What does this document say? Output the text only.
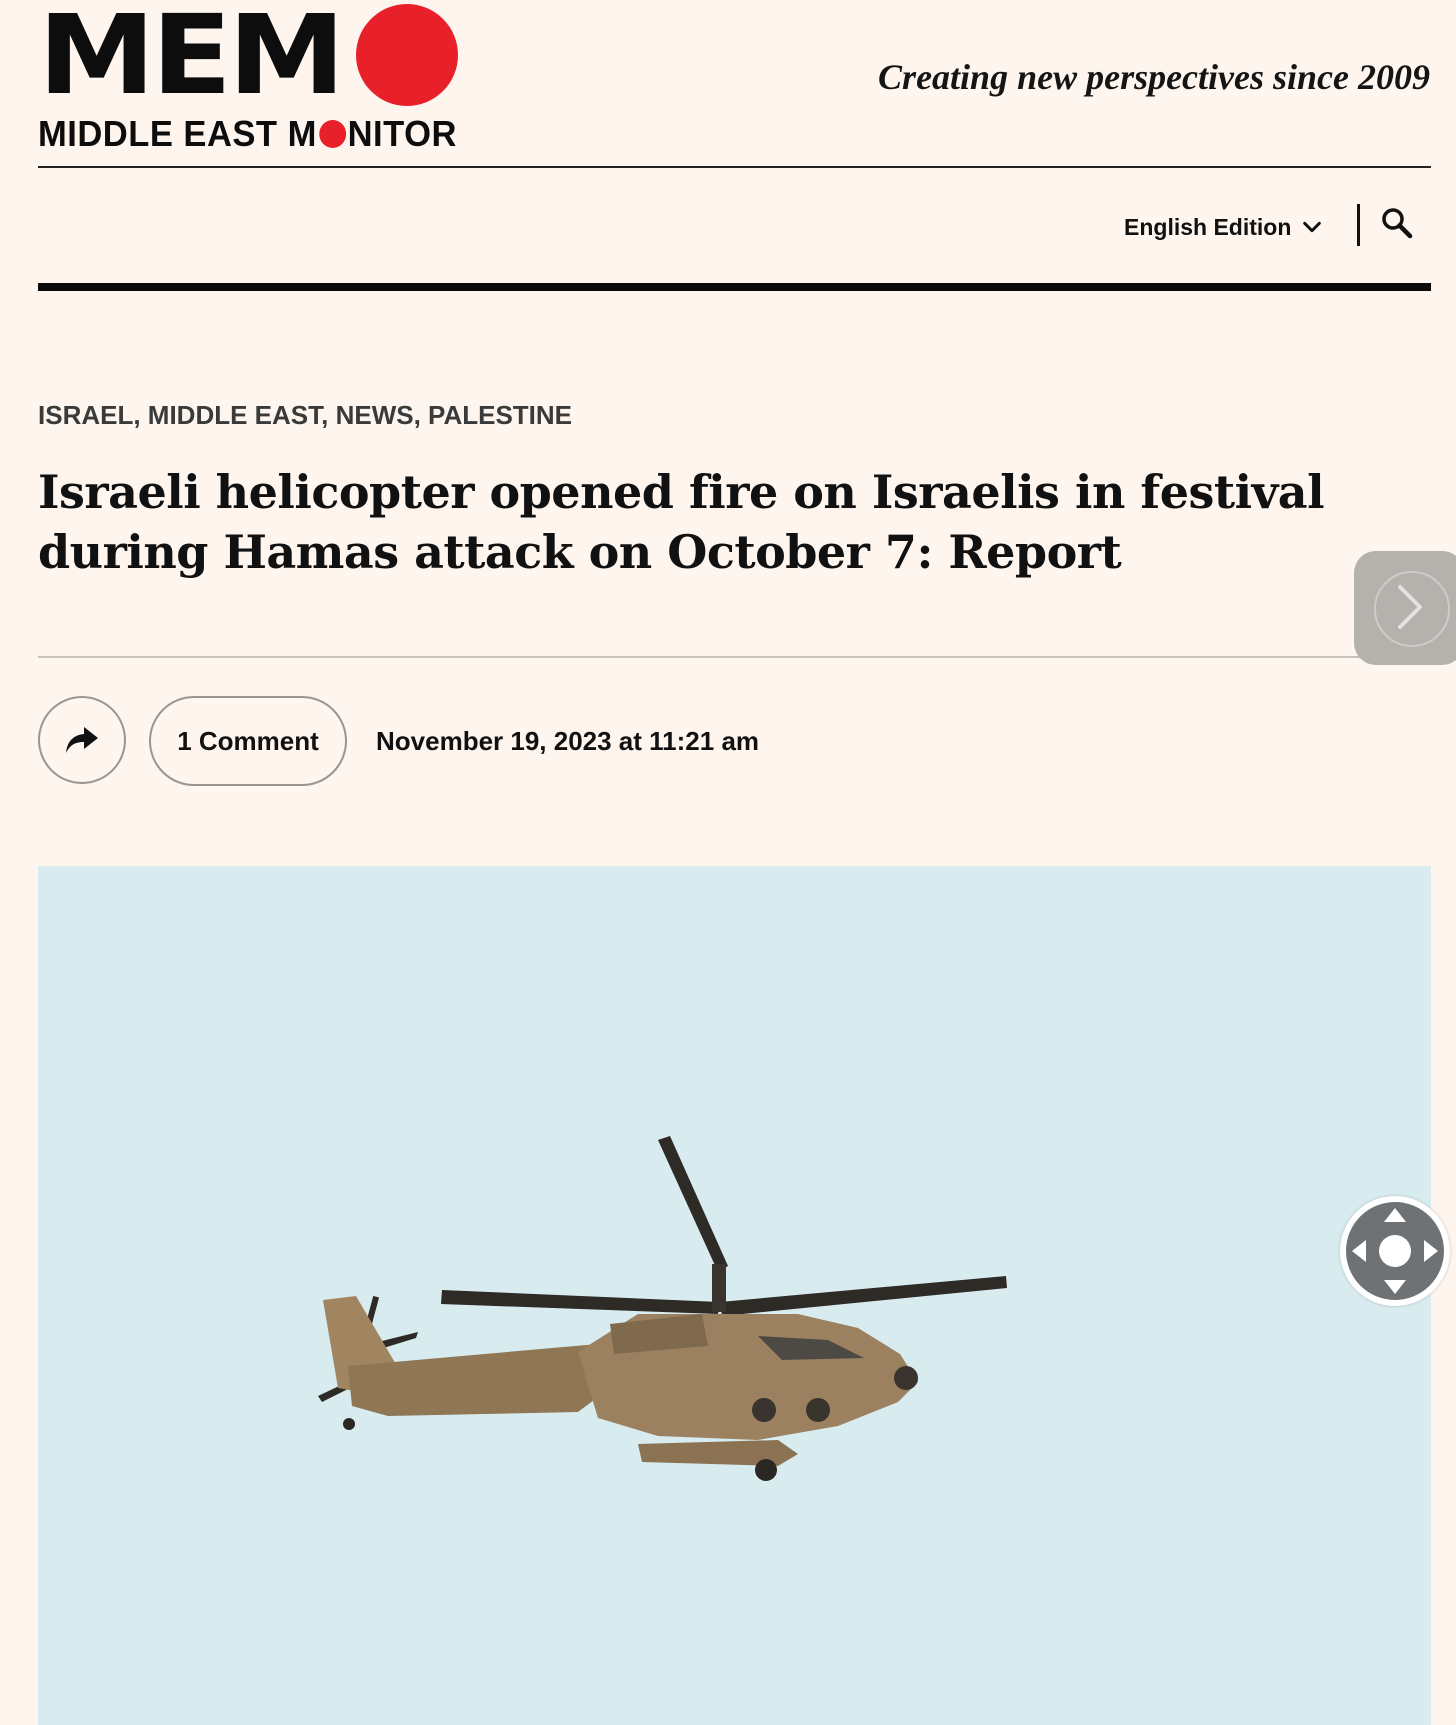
MEM
MIDDLE EAST M NITOR
Creating new perspectives since 2009
English Edition
ISRAEL, MIDDLE EAST, NEWS, PALESTINE
Israeli helicopter opened fire on Israelis in festival during Hamas attack on October 7: Report
1 Comment	November 19, 2023 at 11:21 am
